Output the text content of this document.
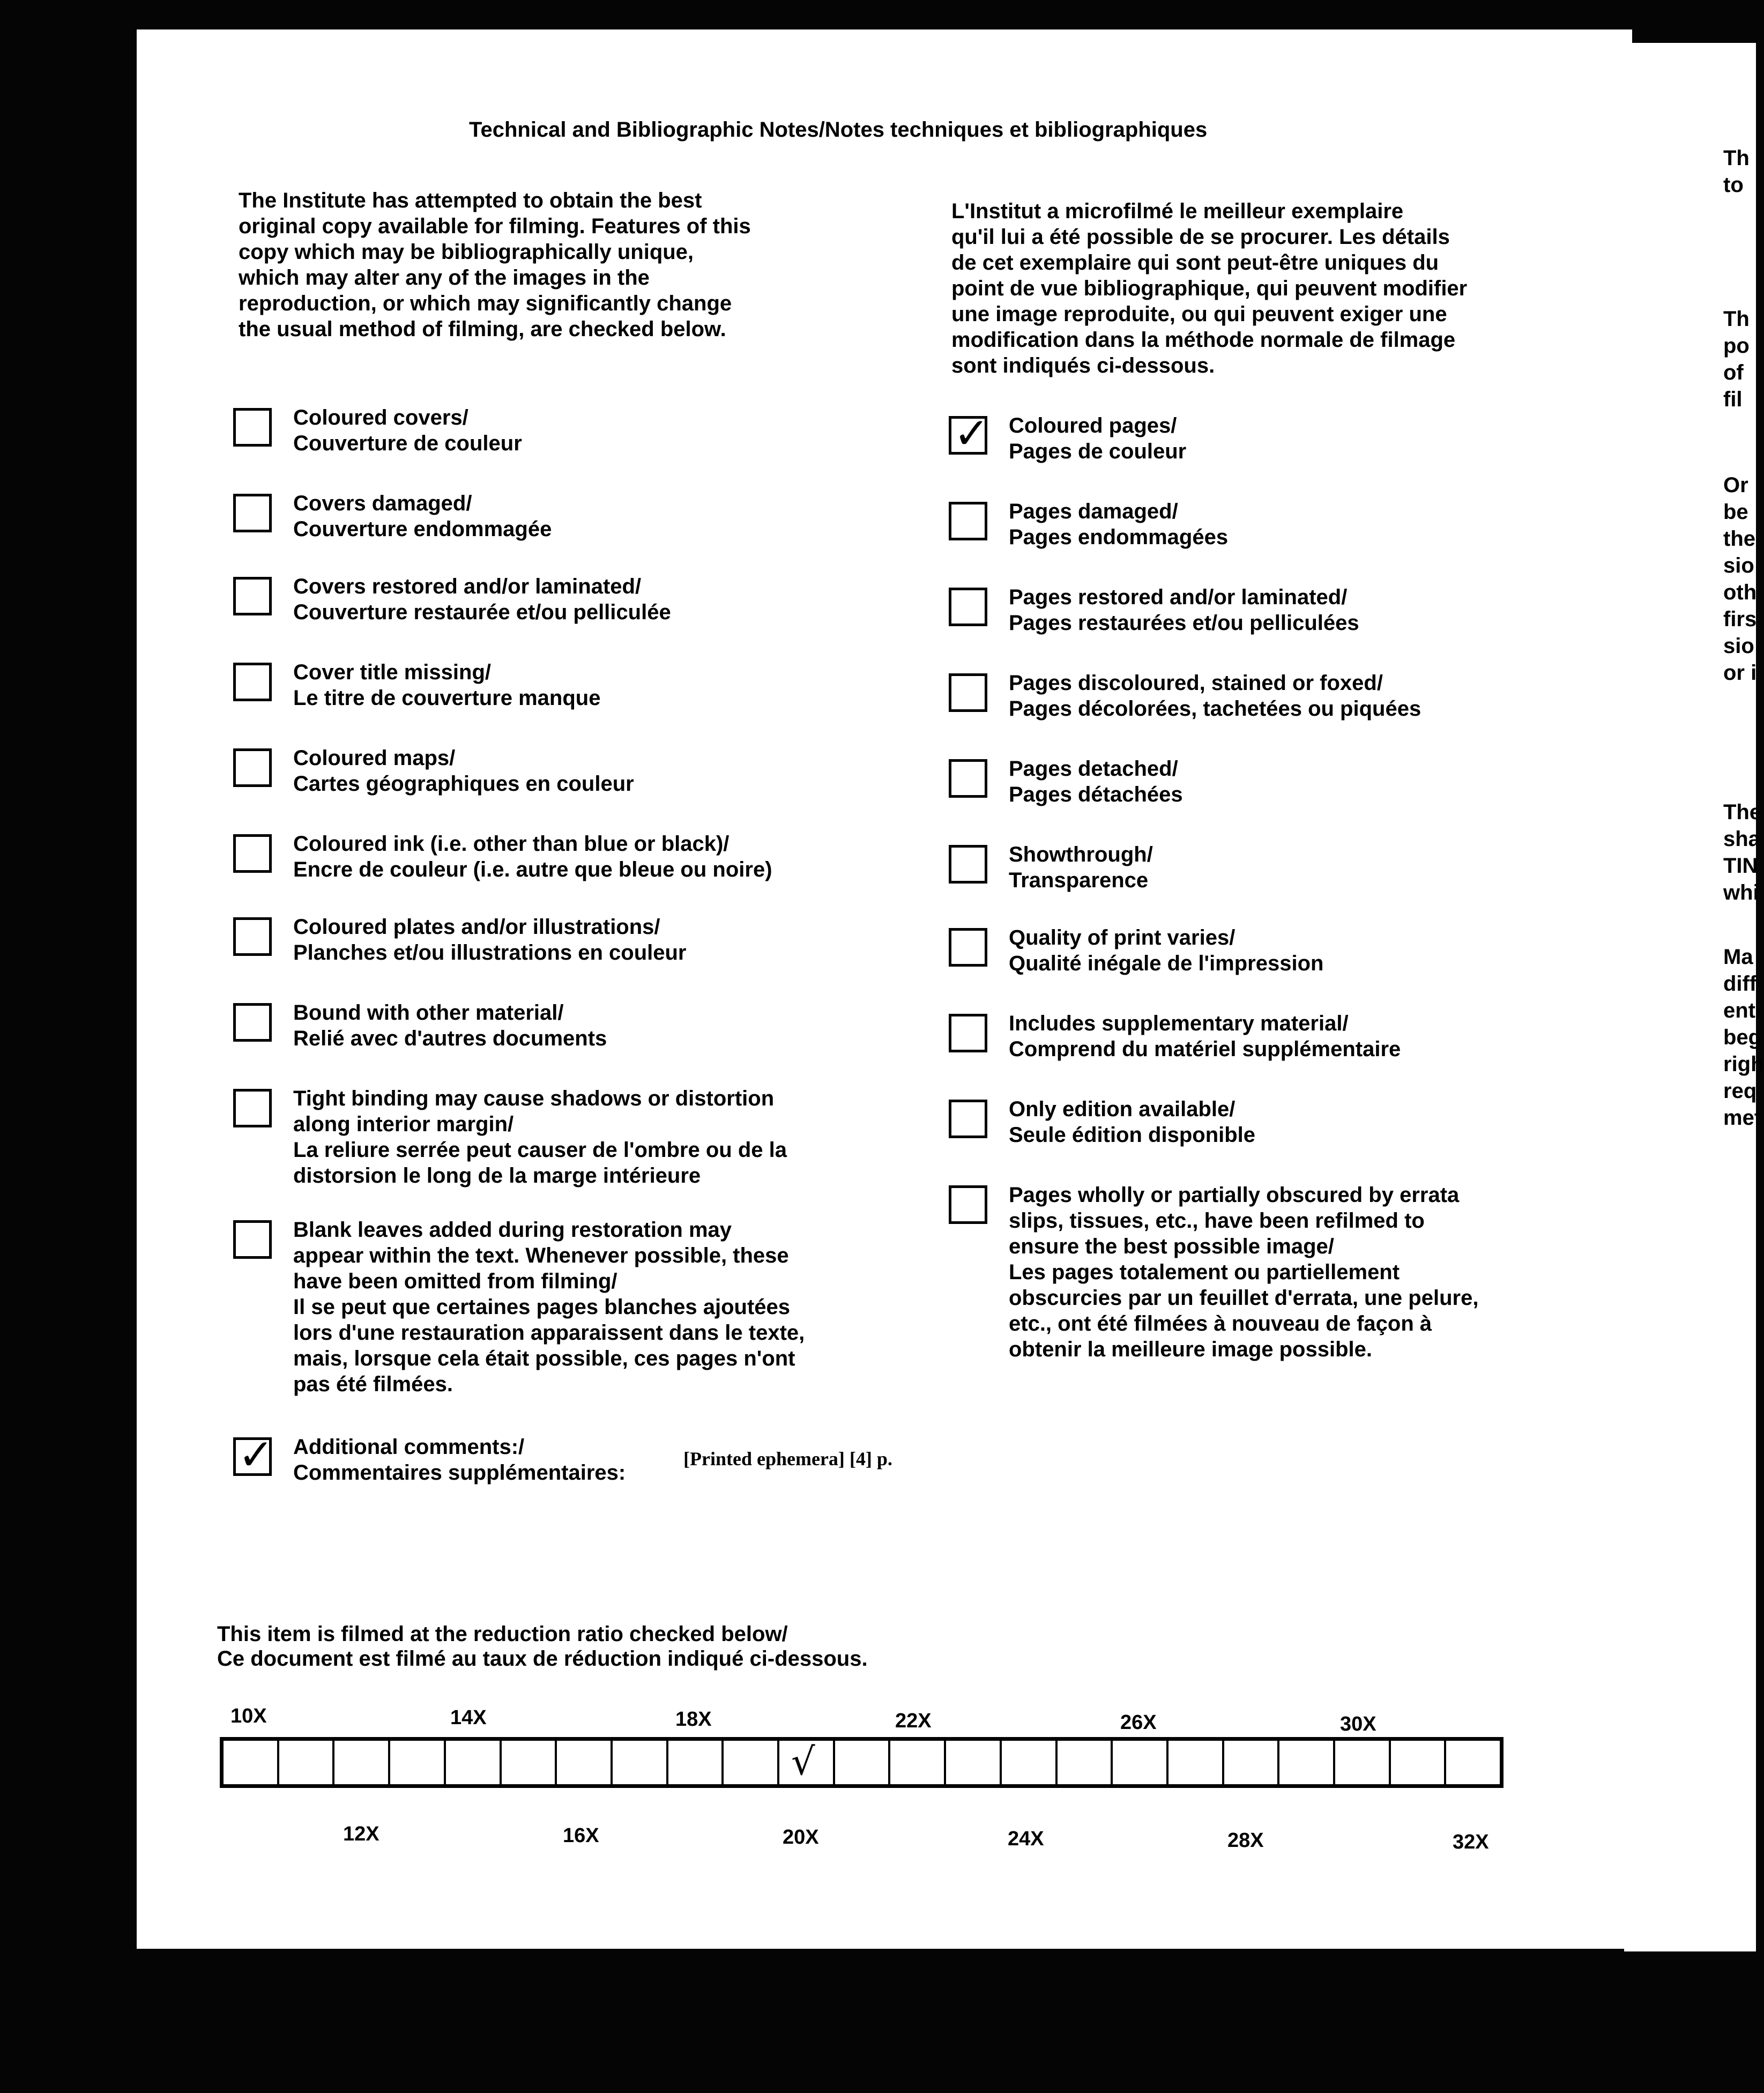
Technical and Bibliographic Notes/Notes techniques et bibliographiques
The Institute has attempted to obtain the best
original copy available for filming. Features of this
copy which may be bibliographically unique,
which may alter any of the images in the
reproduction, or which may significantly change
the usual method of filming, are checked below.
L'Institut a microfilmé le meilleur exemplaire
qu'il lui a été possible de se procurer. Les détails
de cet exemplaire qui sont peut-être uniques du
point de vue bibliographique, qui peuvent modifier
une image reproduite, ou qui peuvent exiger une
modification dans la méthode normale de filmage
sont indiqués ci-dessous.
Coloured covers/
Couverture de couleur
Covers damaged/
Couverture endommagée
Covers restored and/or laminated/
Couverture restaurée et/ou pelliculée
Cover title missing/
Le titre de couverture manque
Coloured maps/
Cartes géographiques en couleur
Coloured ink (i.e. other than blue or black)/
Encre de couleur (i.e. autre que bleue ou noire)
Coloured plates and/or illustrations/
Planches et/ou illustrations en couleur
Bound with other material/
Relié avec d'autres documents
Tight binding may cause shadows or distortion
along interior margin/
La reliure serrée peut causer de l'ombre ou de la
distorsion le long de la marge intérieure
Blank leaves added during restoration may
appear within the text. Whenever possible, these
have been omitted from filming/
Il se peut que certaines pages blanches ajoutées
lors d'une restauration apparaissent dans le texte,
mais, lorsque cela était possible, ces pages n'ont
pas été filmées.
✓ Additional comments:/
Commentaires supplémentaires:
✓ Coloured pages/
Pages de couleur
Pages damaged/
Pages endommagées
Pages restored and/or laminated/
Pages restaurées et/ou pelliculées
Pages discoloured, stained or foxed/
Pages décolorées, tachetées ou piquées
Pages detached/
Pages détachées
Showthrough/
Transparence
Quality of print varies/
Qualité inégale de l'impression
Includes supplementary material/
Comprend du matériel supplémentaire
Only edition available/
Seule édition disponible
Pages wholly or partially obscured by errata
slips, tissues, etc., have been refilmed to
ensure the best possible image/
Les pages totalement ou partiellement
obscurcies par un feuillet d'errata, une pelure,
etc., ont été filmées à nouveau de façon à
obtenir la meilleure image possible.
[Printed ephemera] [4] p.
This item is filmed at the reduction ratio checked below/
Ce document est filmé au taux de réduction indiqué ci-dessous.
10X	14X	18X	22X	26X	30X
√
12X	16X	20X	24X	28X	32X
Th
to
Th
po
of
fil
Or
be
the
sio
oth
firs
sio
or i
The
sha
TIN
whi
Ma
diff
enti
beg
righ
req
met
